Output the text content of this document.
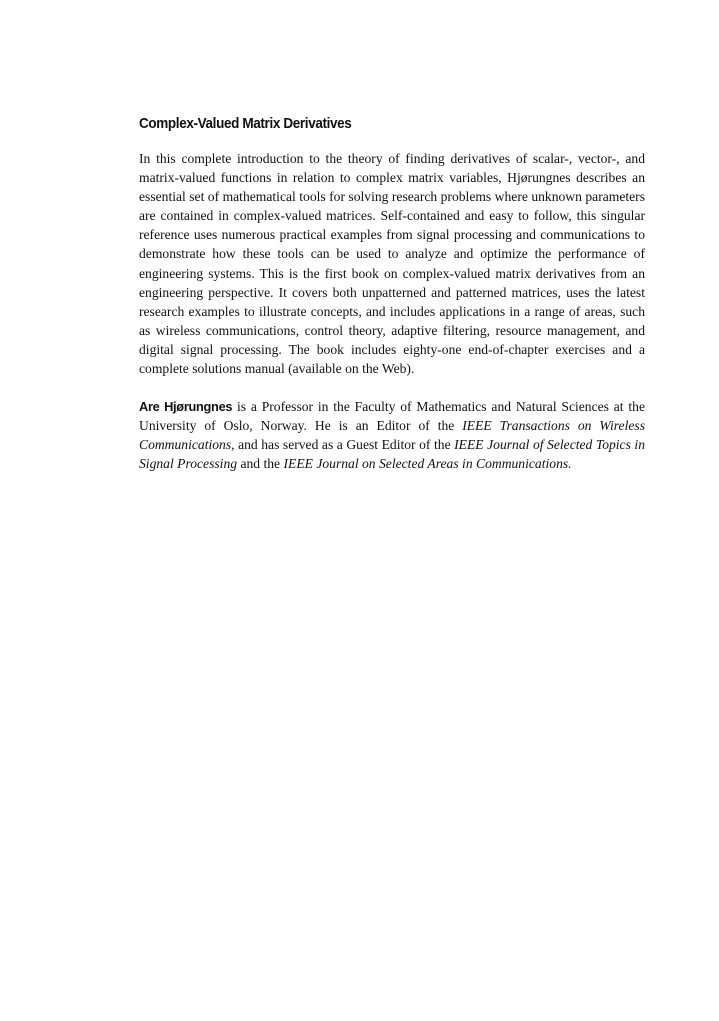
Complex-Valued Matrix Derivatives

In this complete introduction to the theory of finding derivatives of scalar-, vector-, and matrix-valued functions in relation to complex matrix variables, Hjørungnes describes an essential set of mathematical tools for solving research problems where unknown parameters are contained in complex-valued matrices. Self-contained and easy to follow, this singular reference uses numerous practical examples from signal processing and communications to demonstrate how these tools can be used to analyze and optimize the performance of engineering systems. This is the first book on complex-valued matrix derivatives from an engineering perspective. It covers both unpatterned and patterned matrices, uses the latest research examples to illustrate concepts, and includes applications in a range of areas, such as wireless communications, control theory, adaptive filtering, resource management, and digital signal processing. The book includes eighty-one end-of-chapter exercises and a complete solutions manual (available on the Web).

Are Hjørungnes is a Professor in the Faculty of Mathematics and Natural Sciences at the University of Oslo, Norway. He is an Editor of the IEEE Transactions on Wireless Communications, and has served as a Guest Editor of the IEEE Journal of Selected Topics in Signal Processing and the IEEE Journal on Selected Areas in Communications.
